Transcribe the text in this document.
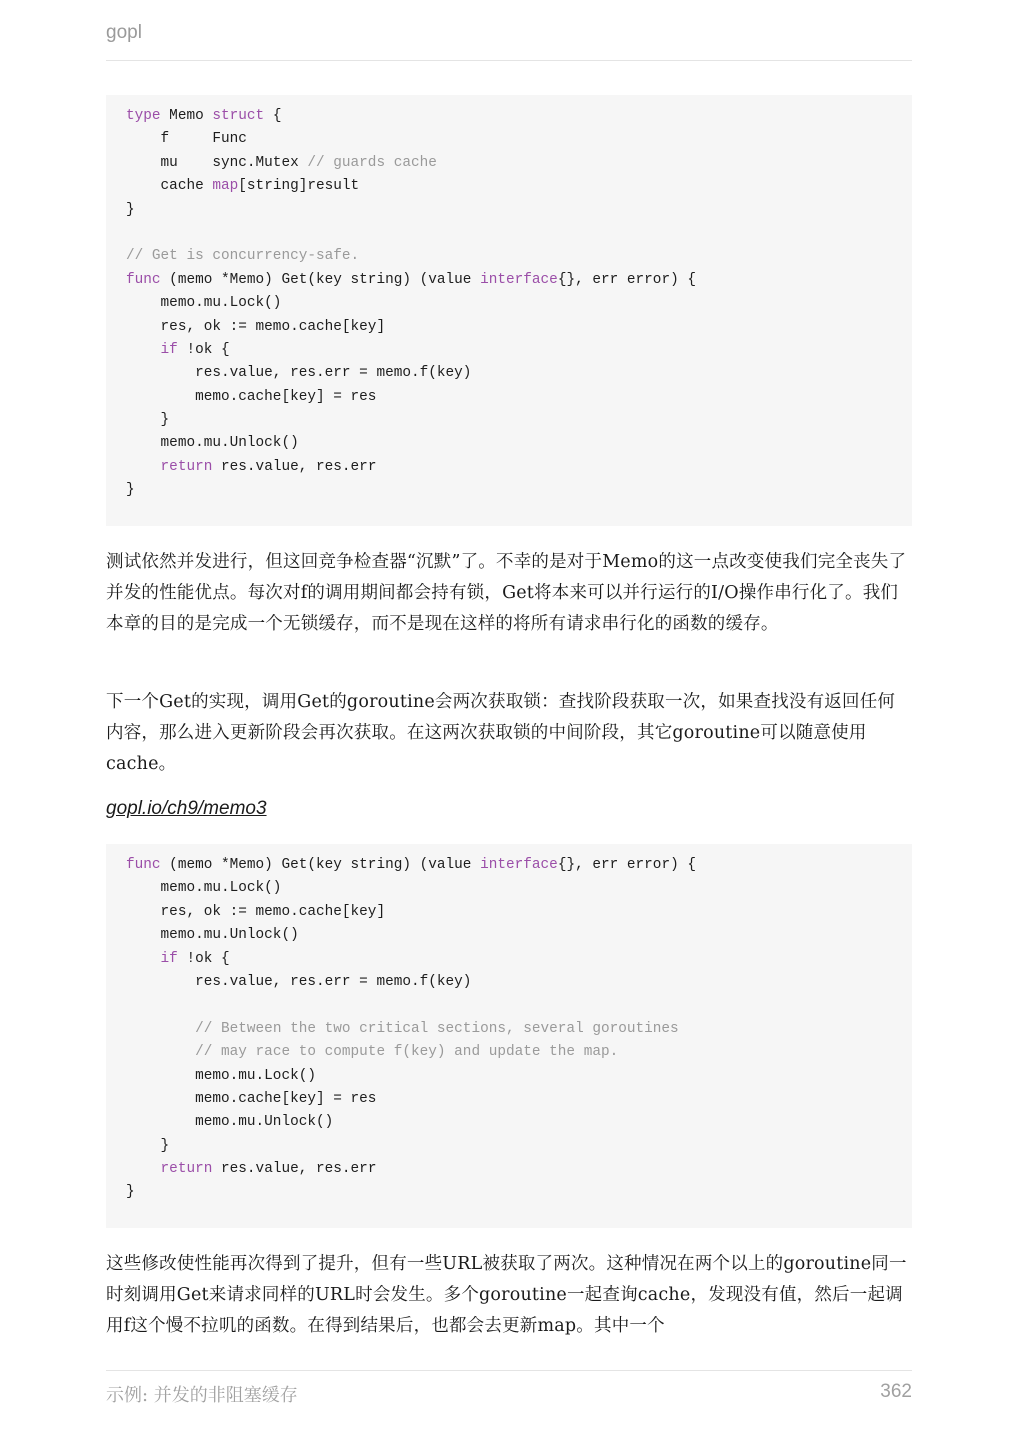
gopl
type Memo struct {
f     Func
mu    sync.Mutex // guards cache
cache map[string]result
}
// Get is concurrency-safe.
func (memo *Memo) Get(key string) (value interface{}, err error) {
memo.mu.Lock()
res, ok := memo.cache[key]
if !ok {
res.value, res.err = memo.f(key)
memo.cache[key] = res
}
memo.mu.Unlock()
return res.value, res.err
}

测试依然并发进行，但这回竞争检查器“沉默”了。不幸的是对于Memo的这一点改变使我们完全丧失了并发的性能优点。每次对f的调用期间都会持有锁，Get将本来可以并行运行的I/O操作串行化了。我们本章的目的是完成一个无锁缓存，而不是现在这样的将所有请求串行化的函数的缓存。

下一个Get的实现，调用Get的goroutine会两次获取锁：查找阶段获取一次，如果查找没有返回任何内容，那么进入更新阶段会再次获取。在这两次获取锁的中间阶段，其它goroutine可以随意使用cache。

gopl.io/ch9/memo3
func (memo *Memo) Get(key string) (value interface{}, err error) {
memo.mu.Lock()
res, ok := memo.cache[key]
memo.mu.Unlock()
if !ok {
res.value, res.err = memo.f(key)
// Between the two critical sections, several goroutines
// may race to compute f(key) and update the map.
memo.mu.Lock()
memo.cache[key] = res
memo.mu.Unlock()
}
return res.value, res.err
}

这些修改使性能再次得到了提升，但有一些URL被获取了两次。这种情况在两个以上的goroutine同一时刻调用Get来请求同样的URL时会发生。多个goroutine一起查询cache，发现没有值，然后一起调用f这个慢不拉叽的函数。在得到结果后，也都会去更新map。其中一个

示例: 并发的非阻塞缓存	362
